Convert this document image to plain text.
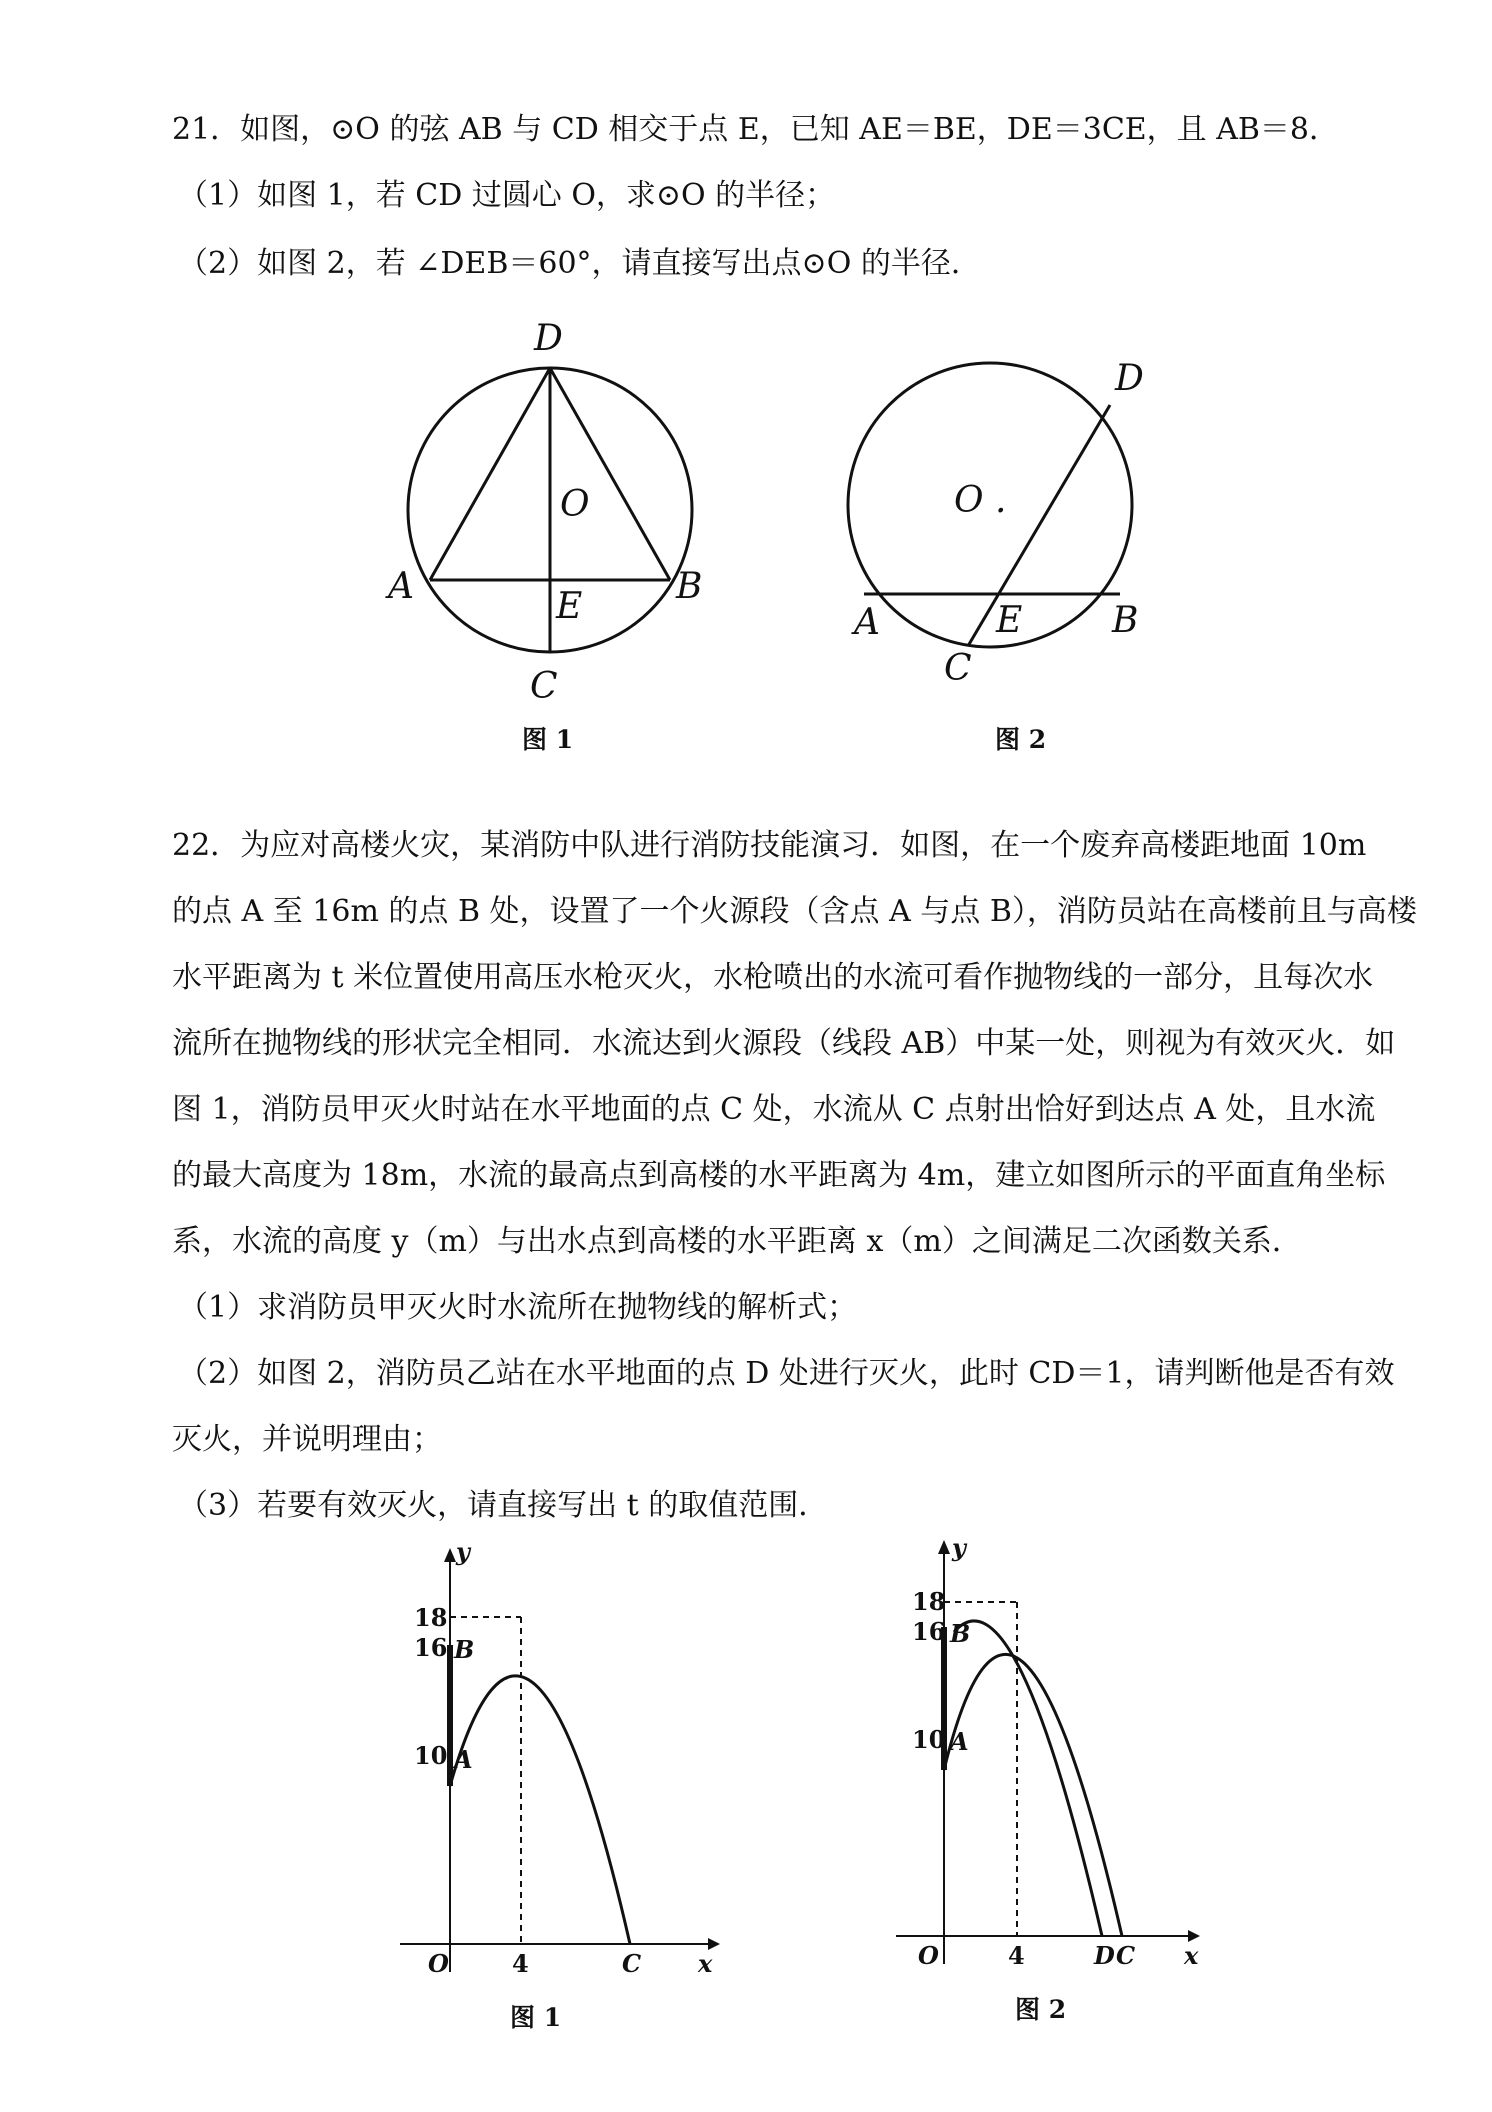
21．如图，⊙O 的弦 AB 与 CD 相交于点 E，已知 AE＝BE，DE＝3CE，且 AB＝8．
（1）如图 1，若 CD 过圆心 O，求⊙O 的半径；
（2）如图 2，若 ∠DEB＝60°，请直接写出点⊙O 的半径．
D
O
A	E	B
C
图 1
D
O .
A	E B
C
图 2
22．为应对高楼火灾，某消防中队进行消防技能演习．如图，在一个废弃高楼距地面 10m
的点 A 至 16m 的点 B 处，设置了一个火源段（含点 A 与点 B），消防员站在高楼前且与高楼
水平距离为 t 米位置使用高压水枪灭火，水枪喷出的水流可看作抛物线的一部分，且每次水
流所在抛物线的形状完全相同．水流达到火源段（线段 AB）中某一处，则视为有效灭火．如
图 1，消防员甲灭火时站在水平地面的点 C 处，水流从 C 点射出恰好到达点 A 处，且水流
的最大高度为 18m，水流的最高点到高楼的水平距离为 4m，建立如图所示的平面直角坐标
系，水流的高度 y（m）与出水点到高楼的水平距离 x（m）之间满足二次函数关系．
（1）求消防员甲灭火时水流所在抛物线的解析式；
（2）如图 2，消防员乙站在水平地面的点 D 处进行灭火，此时 CD＝1，请判断他是否有效
灭火，并说明理由；
（3）若要有效灭火，请直接写出 t 的取值范围．
y
x
O	4	C
18
16
10
B
A
图 1
y
x
O	4	D C
18
16
10
B
A
图 2
